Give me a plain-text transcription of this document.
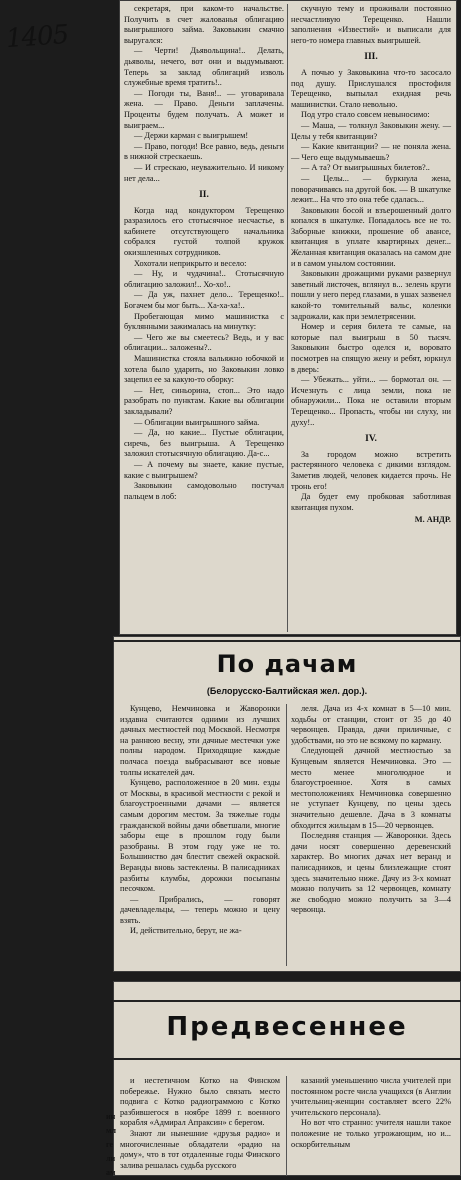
1405

секретаря, при каком-то начальстве. Получить в счет жалованья облигацию выигрышного займа. Заковыкин смачно выругался:

— Черти! Дьявольщина!.. Делать, дьяволы, нечего, вот они и выдумывают. Теперь за заклад облигаций изволь служебные время тратить!..

— Погоди ты, Ваня!.. — уговаривала жена. — Право. Деньги заплачены. Проценты будем получать. А может и выиграем...

— Держи карман с выигрышем!

— Право, погоди! Все равно, ведь, деньги в нижной стрескаешь.

— И стрескаю, неуважительно. И никому нет дела...

II.

Когда над кондуктором Терещенко разразилось его стотысячное несчастье, в кабинете отсутствующего начальника собрался густой толпой кружок окизшленных сотрудников.

Хохотали неприкрыто и весело:

— Ну, и чудачина!.. Стотысячную облигацию заложил!.. Хо-хо!..

— Да уж, пахнет дело... Терещенко!.. Богачем бы мог быть... Ха-ха-ха!..

Пробегающая мимо машинистка с буклянными зажималась на минутку:

— Чего же вы смеетесь? Ведь, и у вас облигации... заложены?..

Машинистка стояла вальяжно юбочкой и хотела было ударить, но Заковыкин ловко зацепил ее за какую-то оборку:

— Нет, синьорина, стоп... Это надо разобрать по пунктам. Какие вы облигации закладывали?

— Облигации выигрышного займа.

— Да, но какие... Пустые облигации, сиречь, без выигрыша. А Терещенко заложил стотысячную облигацию. Да-с...

— А почему вы знаете, какие пустые, какие с выигрышем?

Заковыкин самодовольно постучал пальцем в лоб:

скучную тему и проживали постоянно несчастливую Терещенко. Нашли заполнения «Известий» и выписали для него-то номера главных выигрышей.

III.

А почью у Заковыкина что-то засосало под душу. Прислушался простофиля Терещенко, выпылал ехидная речь машинистки. Стало невольно.

Под утро стало совсем невыносимо:

— Маша, — толкнул Заковыкин жену. — Целы у тебя квитанции?

— Какие квитанции? — не поняла жена. — Чего еще выдумываешь?

— А та? От выигрышных билетов?..

— Целы... — буркнула жена, поворачиваясь на другой бок. — В шкатулке лежит... На что это она тебе сдалась...

Заковыкин босой и взъерошенный долго копался в шкатулке. Попадалось все не то. Заборные книжки, прошение об авансе, квитанция в уплате квартирных денег... Желанная квитанция оказалась на самом дне и в самом унылом состоянии.

Заковыкин дрожащими руками развернул заветный листочек, вглянул в... зелень круги пошли у него перед глазами, в ушах зазвенел какой-то томительный вальс, коленки задрожали, как при землетрясении.

Номер и серия билета те самые, на которые пал выигрыш в 50 тысяч. Заковыкин быстро оделся и, воровато посмотрев на спящую жену и ребят, юркнул в дверь:

— Убежать... уйти... — бормотал он. — Исчезнуть с лица земли, пока не обнаружили... Пока не оставили вторым Терещенко... Пропасть, чтобы ни слуху, ни духу!..

IV.

За городом можно встретить растерянного человека с дикими взглядом. Заметив людей, человек кидается прочь. Не тронь его!

Да будет ему пробковая заботливая квитанция пухом.

М. АНДР.

По дачам
(Белорусско-Балтийская жел. дор.).

Кунцево, Немчиновка и Жаворонки издавна считаются одними из лучших дачных местностей под Москвой. Несмотря на раннюю весну, эти дачные местечки уже полны народом. Приходящие каждые полчаса поезда выбрасывают все новые толпы искателей дач.

Кунцево, расположенное в 20 мин. езды от Москвы, в красивой местности с рекой и благоустроенными дачами — является самым дорогим местом. За тяжелые годы гражданской войны дачи обветшали, многие заборы еще в прошлом году были разобраны. В этом году уже не то. Большинство дач блестит свежей окраской. Веранды вновь застеклены. В палисадниках разбиты клумбы, дорожки посыпаны песочком.

— Прибрались, — говорят дачевладельцы, — теперь можно и цену взять.

И, действительно, берут, не жа-

леля. Дача из 4-х комнат в 5—10 мин. ходьбы от станции, стоит от 35 до 40 червонцев. Правда, дачи приличные, с удобствами, но это не всякому по карману.

Следующей дачной местностью за Кунцевым является Немчиновка. Это — место менее многолюдное и благоустроенное. Хотя в самых местоположениях Немчиновка совершенно не уступает Кунцеву, по цены здесь значительно дешевле. Дача в 3 комнаты обходится жильцам в 15—20 червонцев.

Последняя станция — Жаворонки. Здесь дачи носят совершенно деревенский характер. Во многих дачах нет веранд и палисадников, и цены близлежащие стоят здесь значительно ниже. Дачу из 3-х комнат можно получить за 12 червонцев, комнату же свободно можно получить за 3—4 червонца.

Предвесеннее
ин
мл
ге
ли
ам

и нестетичном Котко на Финском побережье. Нужно было связать место подвига с Котко радиограммою с Котко разбившегося в ноябре 1899 г. военного корабля «Адмирал Апраксин» с берегом.

Знают ли нынешние «друзья радио» и многочисленные обладатели «радио на дому», что в тот отдаленные годы Финского залива решалась судьба русского

казаний уменьшению числа учителей при постоянном росте числа учащихся (в Англии учительниц-женщин составляет всего 22% учительского персонала).

Но вот что странно: учителя нашли такое положение не только угрожающим, но и... оскорбительным
